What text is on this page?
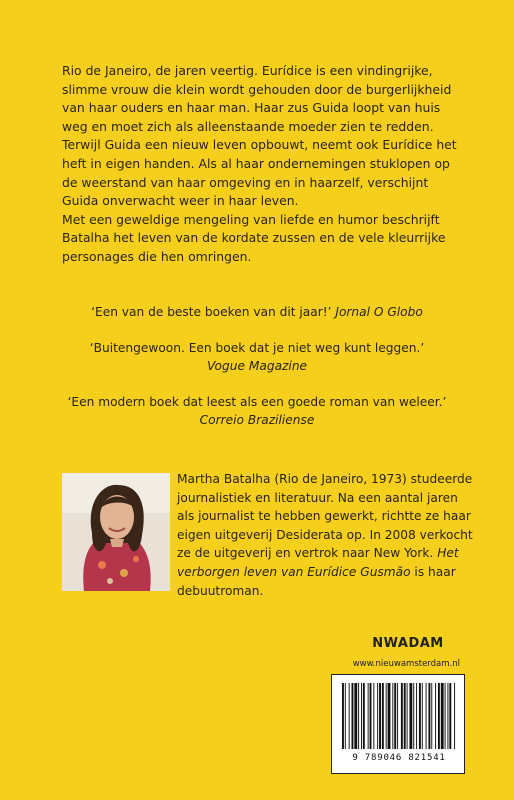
Rio de Janeiro, de jaren veertig. Eurídice is een vindingrijke, slimme vrouw die klein wordt gehouden door de burgerlijkheid van haar ouders en haar man. Haar zus Guida loopt van huis weg en moet zich als alleenstaande moeder zien te redden. Terwijl Guida een nieuw leven opbouwt, neemt ook Eurídice het heft in eigen handen. Als al haar ondernemingen stuklopen op de weerstand van haar omgeving en in haarzelf, verschijnt Guida onverwacht weer in haar leven.

Met een geweldige mengeling van liefde en humor beschrijft Batalha het leven van de kordate zussen en de vele kleurrijke personages die hen omringen.

‘Een van de beste boeken van dit jaar!’ Jornal O Globo

‘Buitengewoon. Een boek dat je niet weg kunt leggen.’
Vogue Magazine

‘Een modern boek dat leest als een goede roman van weleer.’
Correio Braziliense

Martha Batalha (Rio de Janeiro, 1973) studeerde journalistiek en literatuur. Na een aantal jaren als journalist te hebben gewerkt, richtte ze haar eigen uitgeverij Desiderata op. In 2008 verkocht ze de uitgeverij en vertrok naar New York. Het verborgen leven van Eurídice Gusmão is haar debuutroman.
NWADAM
www.nieuwamsterdam.nl
9 789046 821541
